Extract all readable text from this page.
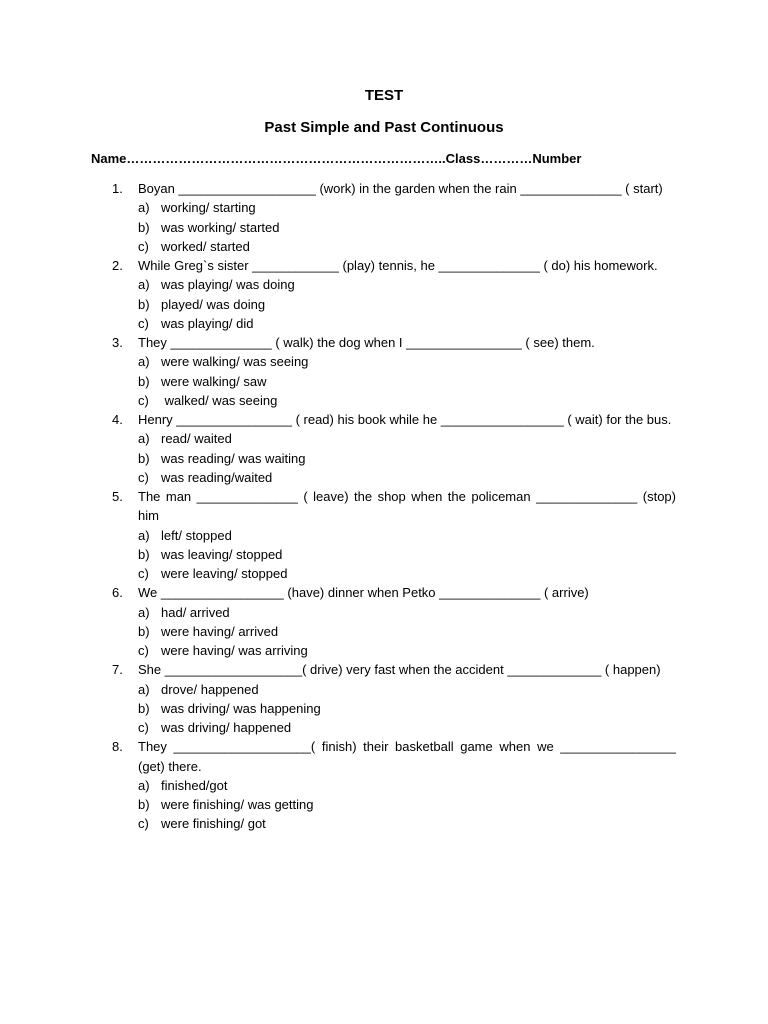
TEST
Past Simple and Past Continuous
Name………………………………………………………………..Class…………Number
1.	Boyan ___________________ (work) in the garden when the rain ______________ ( start)
a) working/ starting
b) was working/ started
c) worked/ started
2.	While Greg`s sister ____________ (play) tennis, he ______________ ( do) his homework.
a) was playing/ was doing
b) played/ was doing
c) was playing/ did
3.	They ______________ ( walk) the dog when I ________________ ( see) them.
a) were walking/ was seeing
b) were walking/ saw
c) walked/ was seeing
4.	Henry ________________ ( read) his book while he _________________ ( wait) for the bus.
a) read/ waited
b) was reading/ was waiting
c) was reading/waited
5.	The man ______________ ( leave) the shop when the policeman ______________ (stop) him
a) left/ stopped
b) was leaving/ stopped
c) were leaving/ stopped
6.	We _________________ (have) dinner when Petko ______________ ( arrive)
a) had/ arrived
b) were having/ arrived
c) were having/ was arriving
7.	She ___________________( drive) very fast when the accident _____________ ( happen)
a) drove/ happened
b) was driving/ was happening
c) was driving/ happened
8.	They ___________________( finish) their basketball game when we ________________ (get) there.
a) finished/got
b) were finishing/ was getting
c) were finishing/ got
